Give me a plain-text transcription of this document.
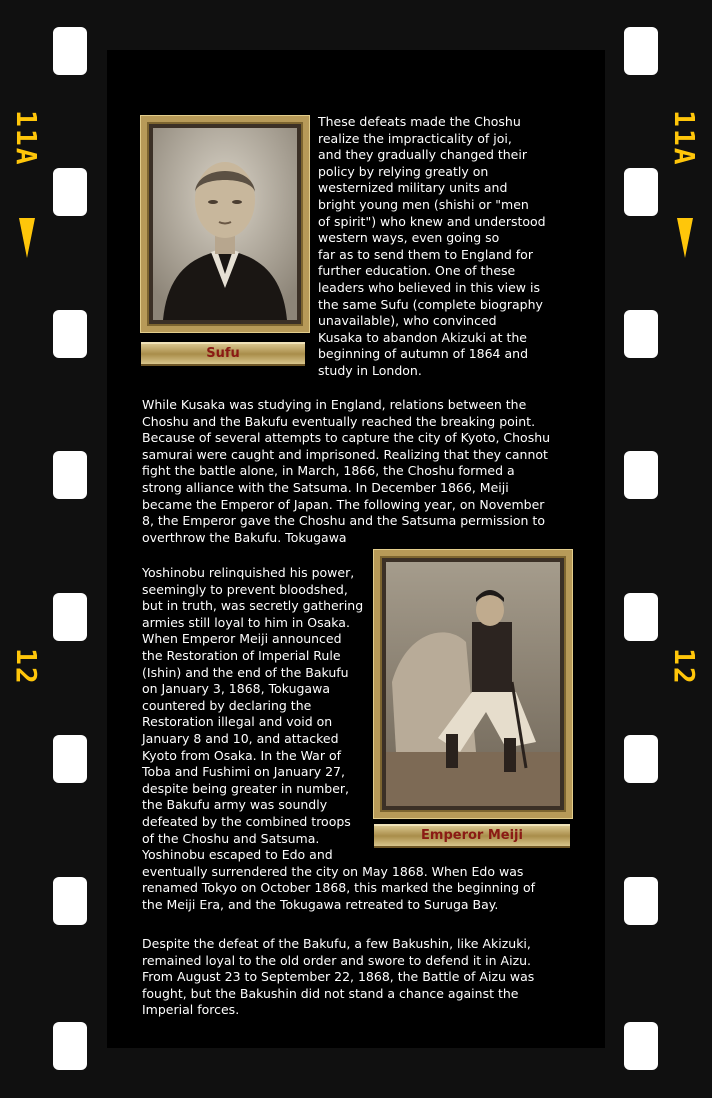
11A	11A
12	12
Sufu
Emperor Meiji
These defeats made the Choshu
realize the impracticality of joi,
and they gradually changed their
policy by relying greatly on
westernized military units and
bright young men (shishi or "men
of spirit") who knew and understood
western ways, even going so
far as to send them to England for
further education. One of these
leaders who believed in this view is
the same Sufu (complete biography
unavailable), who convinced
Kusaka to abandon Akizuki at the
beginning of autumn of 1864 and
study in London.
While Kusaka was studying in England, relations between the
Choshu and the Bakufu eventually reached the breaking point.
Because of several attempts to capture the city of Kyoto, Choshu
samurai were caught and imprisoned. Realizing that they cannot
fight the battle alone, in March, 1866, the Choshu formed a
strong alliance with the Satsuma. In December 1866, Meiji
became the Emperor of Japan. The following year, on November
8, the Emperor gave the Choshu and the Satsuma permission to
overthrow the Bakufu. Tokugawa
Yoshinobu relinquished his power,
seemingly to prevent bloodshed,
but in truth, was secretly gathering
armies still loyal to him in Osaka.
When Emperor Meiji announced
the Restoration of Imperial Rule
(Ishin) and the end of the Bakufu
on January 3, 1868, Tokugawa
countered by declaring the
Restoration illegal and void on
January 8 and 10, and attacked
Kyoto from Osaka. In the War of
Toba and Fushimi on January 27,
despite being greater in number,
the Bakufu army was soundly
defeated by the combined troops
of the Choshu and Satsuma.
Yoshinobu escaped to Edo and
eventually surrendered the city on May 1868. When Edo was
renamed Tokyo on October 1868, this marked the beginning of
the Meiji Era, and the Tokugawa retreated to Suruga Bay.
Despite the defeat of the Bakufu, a few Bakushin, like Akizuki,
remained loyal to the old order and swore to defend it in Aizu.
From August 23 to September 22, 1868, the Battle of Aizu was
fought, but the Bakushin did not stand a chance against the
Imperial forces.
